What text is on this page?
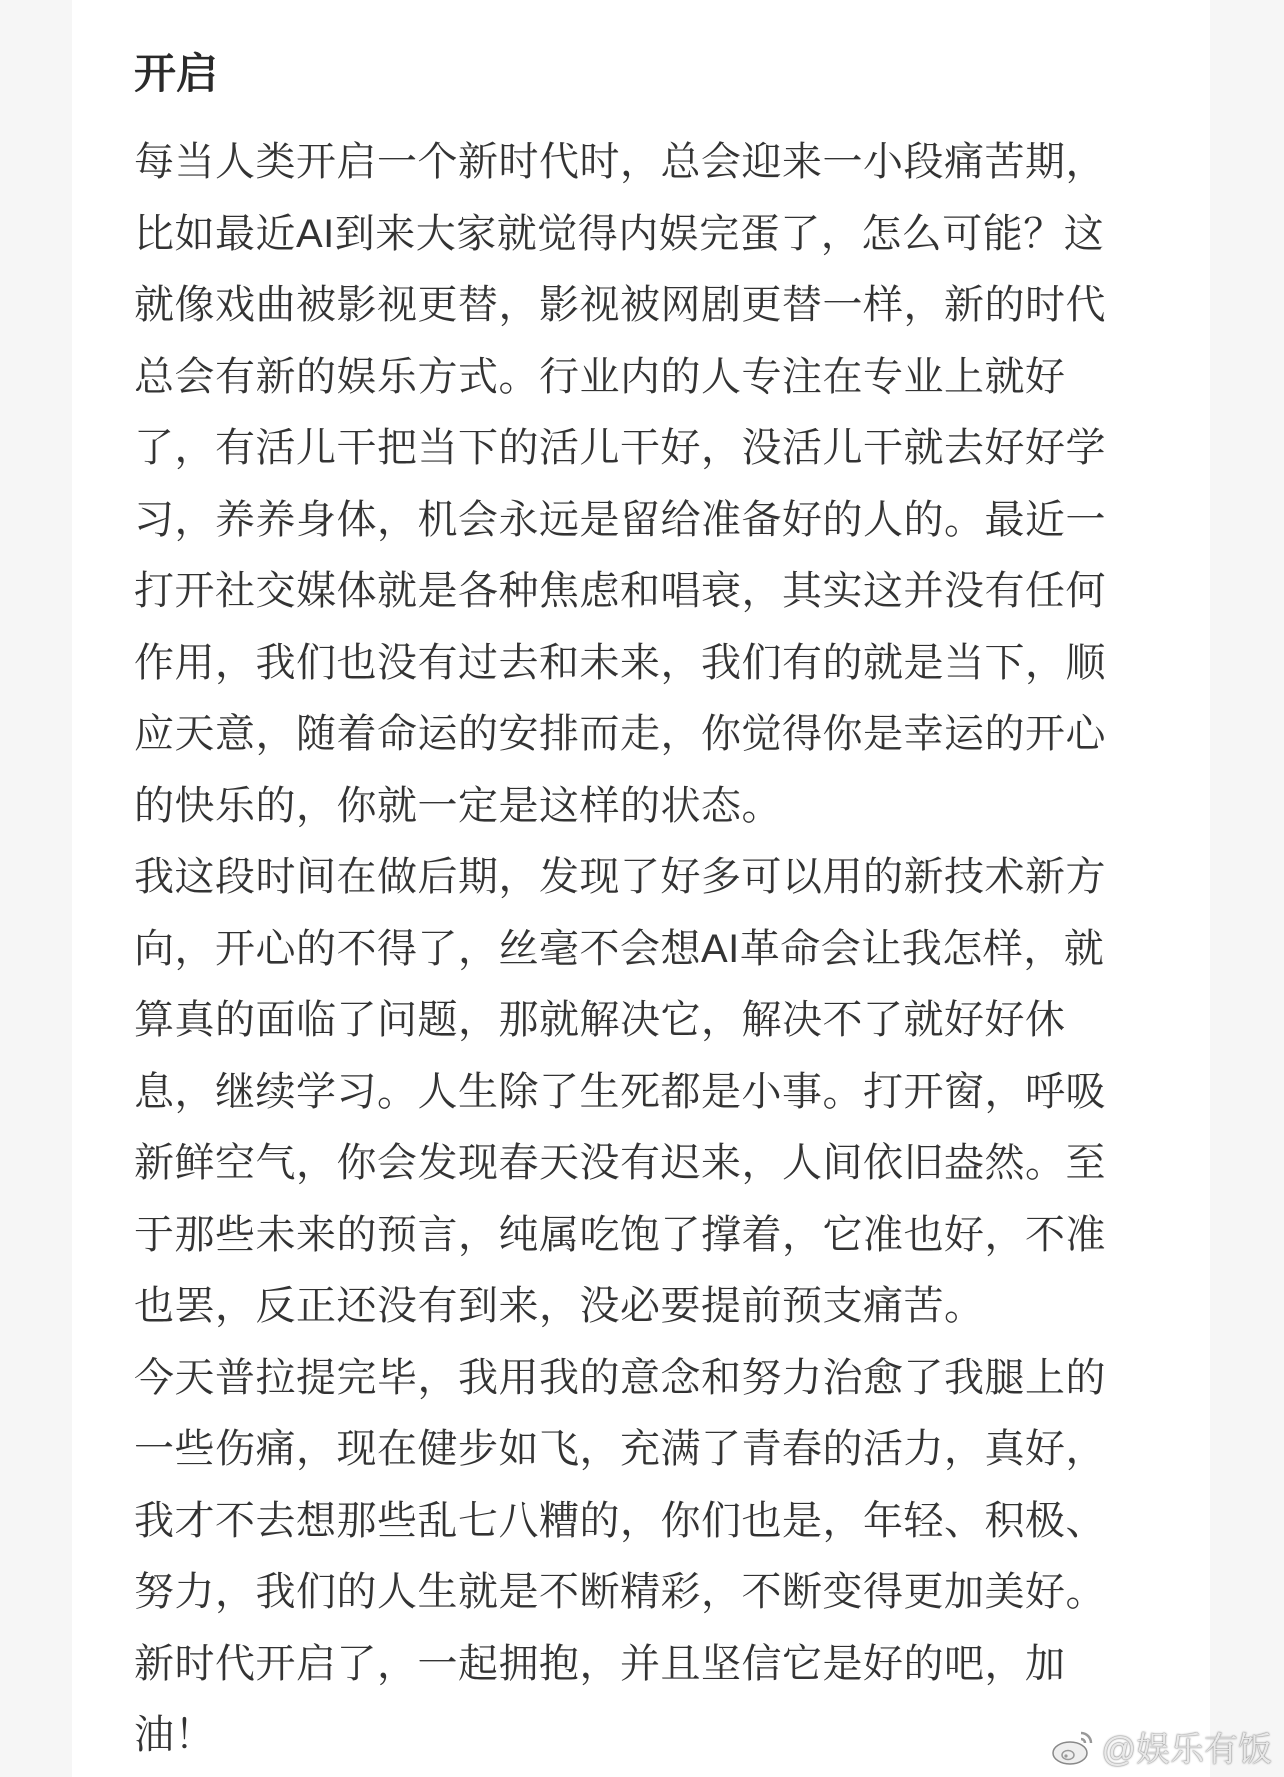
开启
每当人类开启一个新时代时，总会迎来一小段痛苦期，
比如最近AI到来大家就觉得内娱完蛋了，怎么可能？这
就像戏曲被影视更替，影视被网剧更替一样，新的时代
总会有新的娱乐方式。行业内的人专注在专业上就好
了，有活儿干把当下的活儿干好，没活儿干就去好好学
习，养养身体，机会永远是留给准备好的人的。最近一
打开社交媒体就是各种焦虑和唱衰，其实这并没有任何
作用，我们也没有过去和未来，我们有的就是当下，顺
应天意，随着命运的安排而走，你觉得你是幸运的开心
的快乐的，你就一定是这样的状态。
我这段时间在做后期，发现了好多可以用的新技术新方
向，开心的不得了，丝毫不会想AI革命会让我怎样，就
算真的面临了问题，那就解决它，解决不了就好好休
息，继续学习。人生除了生死都是小事。打开窗，呼吸
新鲜空气，你会发现春天没有迟来，人间依旧盎然。至
于那些未来的预言，纯属吃饱了撑着，它准也好，不准
也罢，反正还没有到来，没必要提前预支痛苦。
今天普拉提完毕，我用我的意念和努力治愈了我腿上的
一些伤痛，现在健步如飞，充满了青春的活力，真好，
我才不去想那些乱七八糟的，你们也是，年轻、积极、
努力，我们的人生就是不断精彩，不断变得更加美好。
新时代开启了，一起拥抱，并且坚信它是好的吧，加
油！	@娱乐有饭
